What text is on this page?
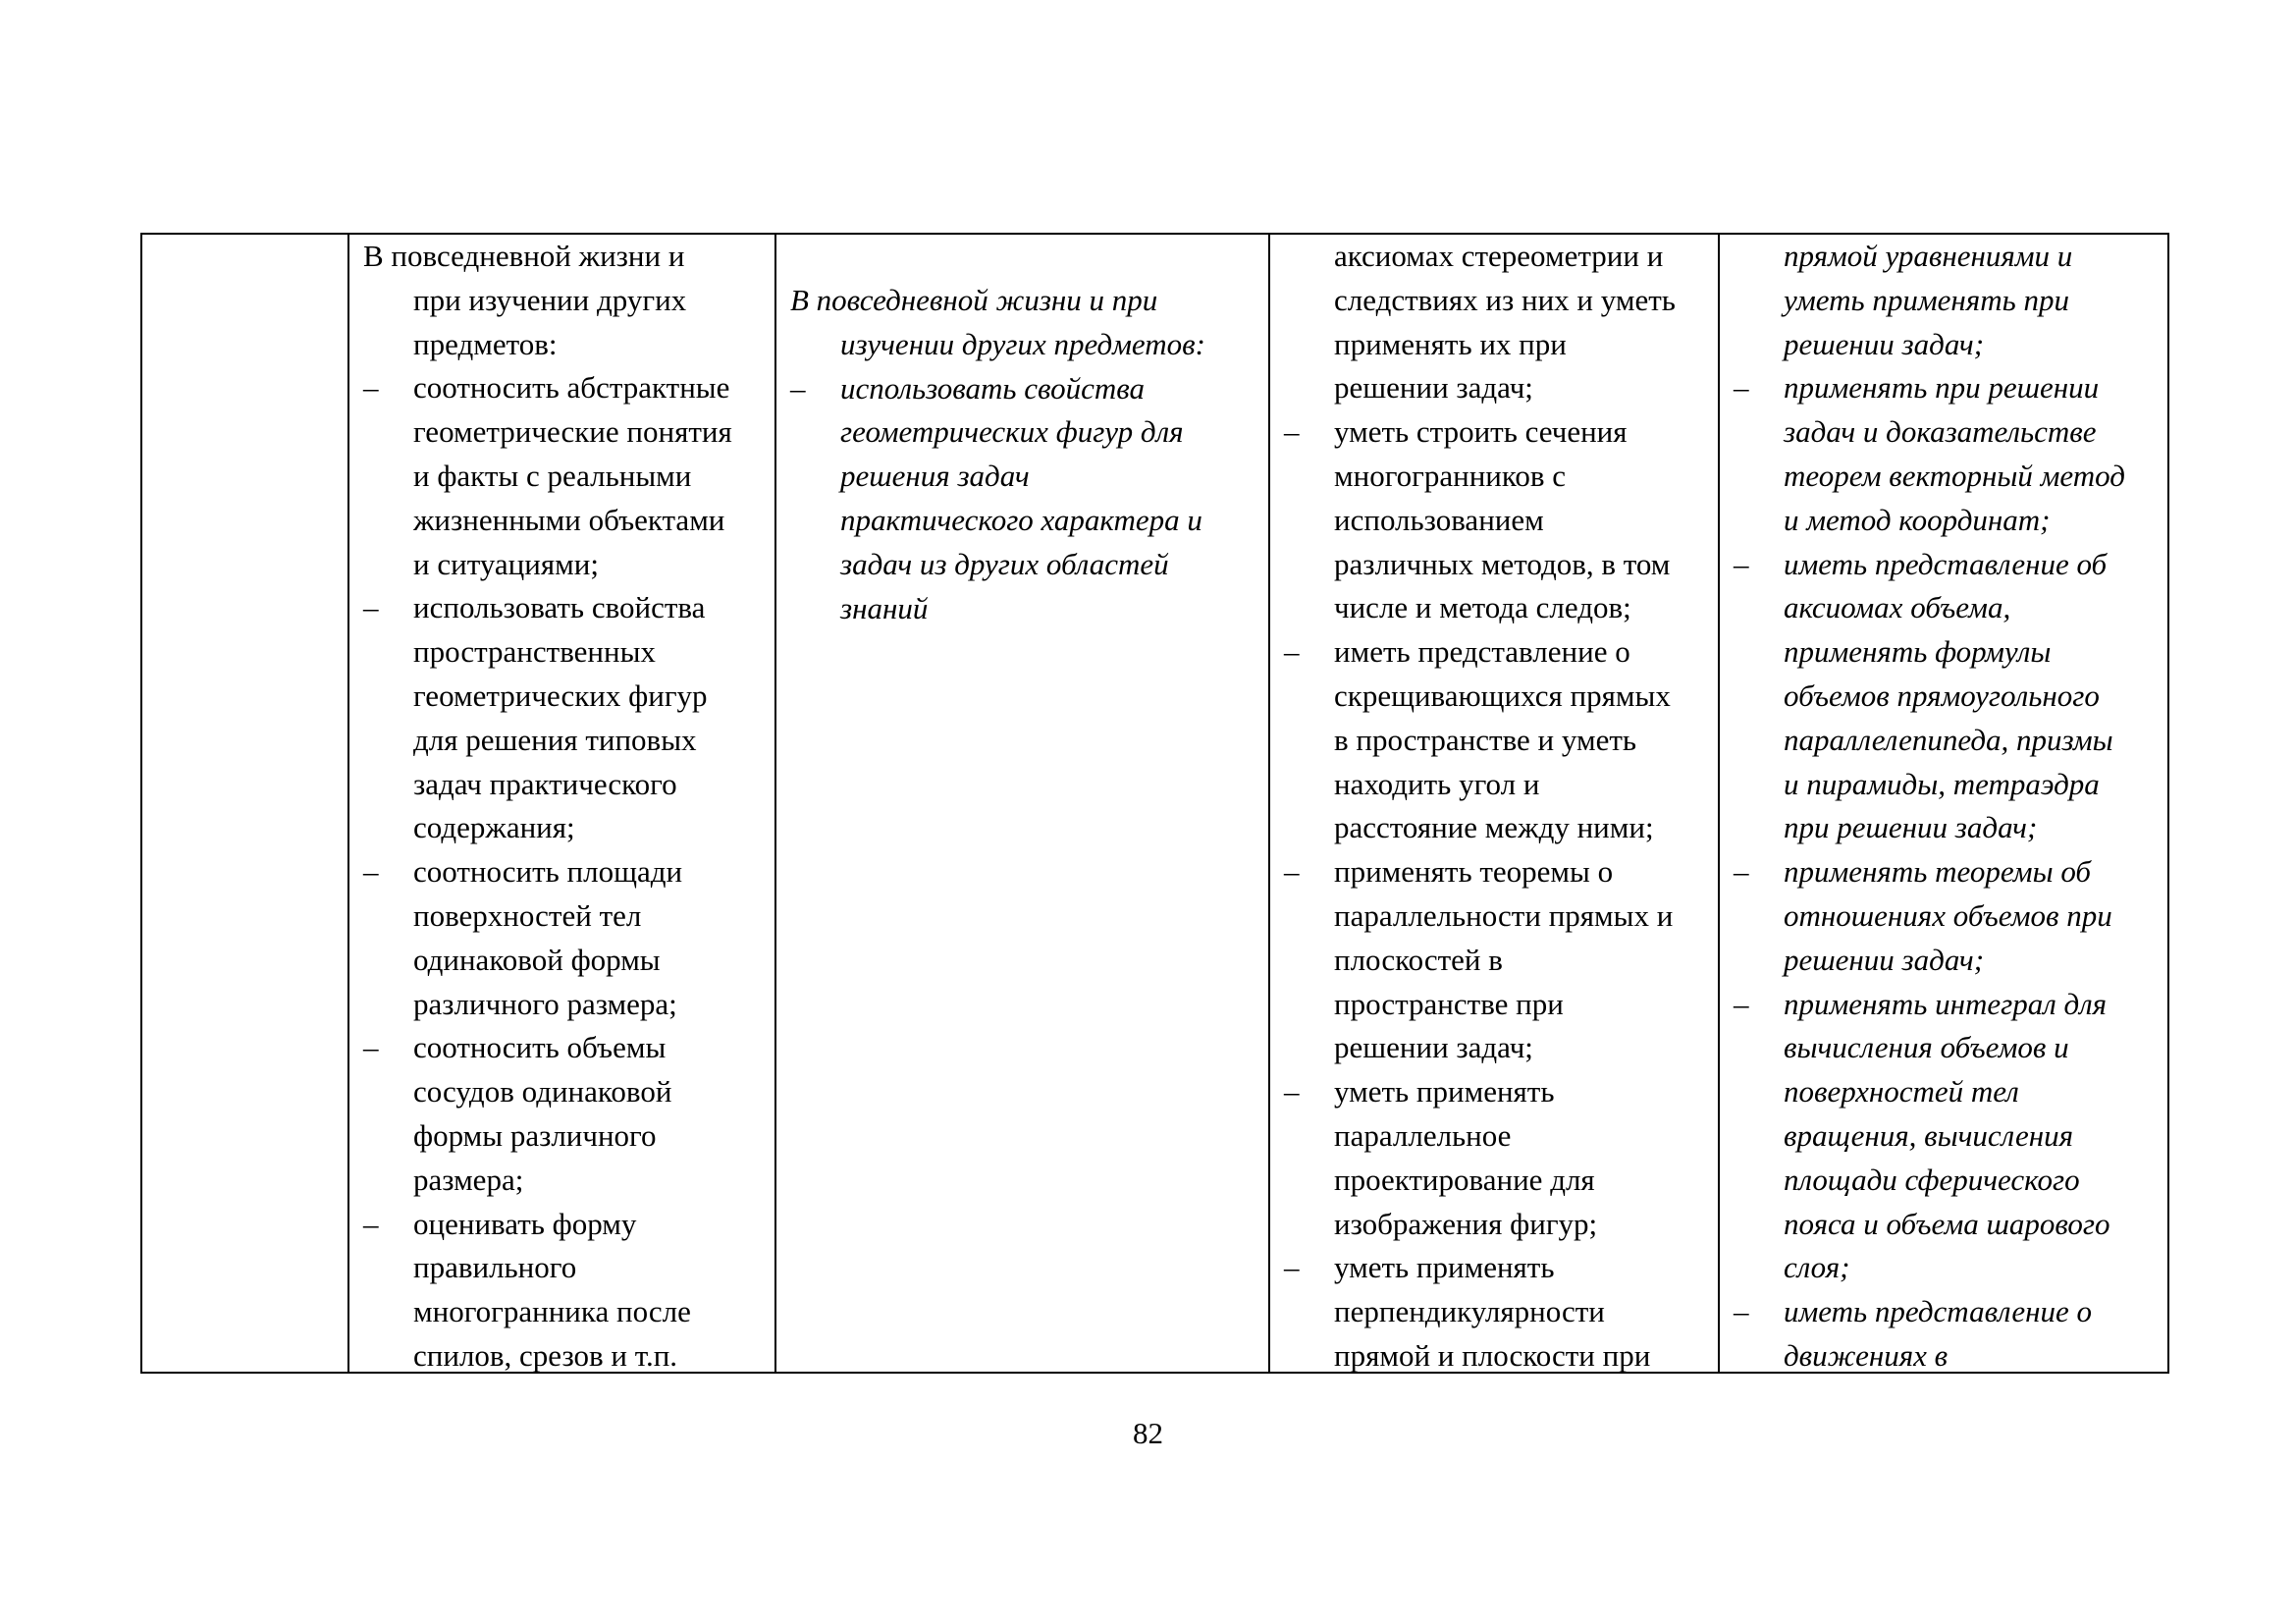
В повседневной жизни и
при изучении других
предметов:
– соотносить абстрактные
геометрические понятия
и факты с реальными
жизненными объектами
и ситуациями;
– использовать свойства
пространственных
геометрических фигур
для решения типовых
задач практического
содержания;
– соотносить площади
поверхностей тел
одинаковой формы
различного размера;
– соотносить объемы
сосудов одинаковой
формы различного
размера;
– оценивать форму
правильного
многогранника после
спилов, срезов и т.п.
В повседневной жизни и при
изучении других предметов:
– использовать свойства
геометрических фигур для
решения задач
практического характера и
задач из других областей
знаний
аксиомах стереометрии и
следствиях из них и уметь
применять их при
решении задач;
– уметь строить сечения
многогранников с
использованием
различных методов, в том
числе и метода следов;
– иметь представление о
скрещивающихся прямых
в пространстве и уметь
находить угол и
расстояние между ними;
– применять теоремы о
параллельности прямых и
плоскостей в
пространстве при
решении задач;
– уметь применять
параллельное
проектирование для
изображения фигур;
– уметь применять
перпендикулярности
прямой и плоскости при
прямой уравнениями и
уметь применять при
решении задач;
– применять при решении
задач и доказательстве
теорем векторный метод
и метод координат;
– иметь представление об
аксиомах объема,
применять формулы
объемов прямоугольного
параллелепипеда, призмы
и пирамиды, тетраэдра
при решении задач;
– применять теоремы об
отношениях объемов при
решении задач;
– применять интеграл для
вычисления объемов и
поверхностей тел
вращения, вычисления
площади сферического
пояса и объема шарового
слоя;
– иметь представление о
движениях в
82
